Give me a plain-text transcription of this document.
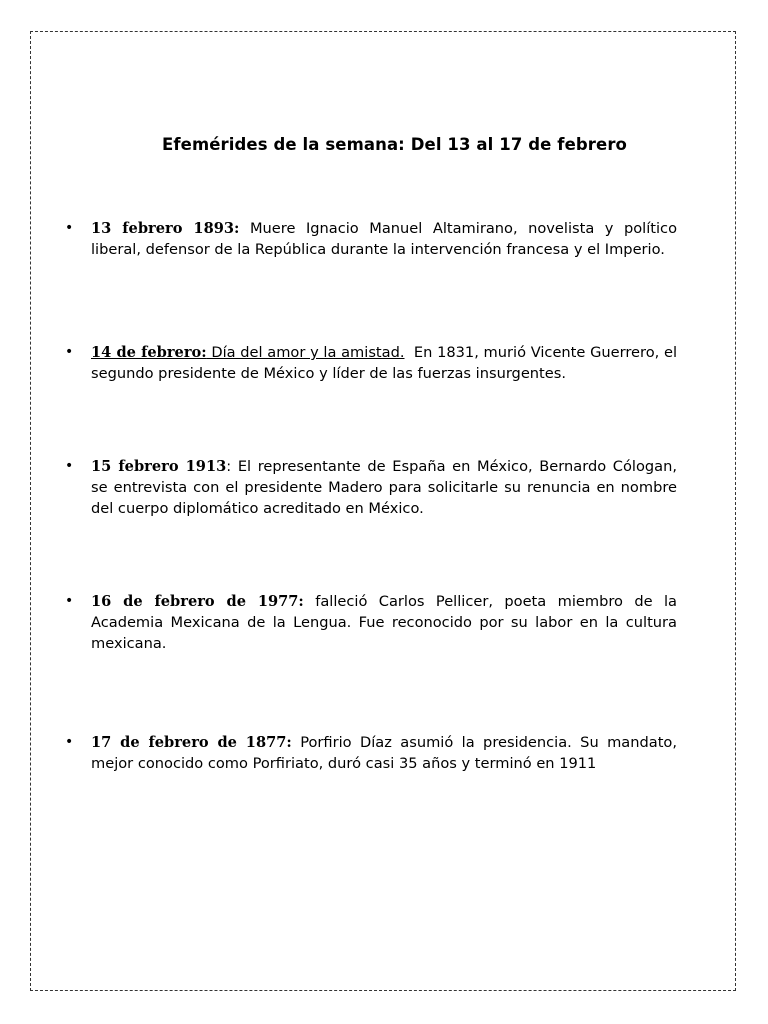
Efemérides de la semana: Del 13 al 17 de febrero
• 13 febrero 1893: Muere Ignacio Manuel Altamirano, novelista y político liberal, defensor de la República durante la intervención francesa y el Imperio.
• 14 de febrero: Día del amor y la amistad.  En 1831, murió Vicente Guerrero, el segundo presidente de México y líder de las fuerzas insurgentes.
• 15 febrero 1913: El representante de España en México, Bernardo Cólogan, se entrevista con el presidente Madero para solicitarle su renuncia en nombre del cuerpo diplomático acreditado en México.
• 16 de febrero de 1977: falleció Carlos Pellicer, poeta miembro de la Academia Mexicana de la Lengua. Fue reconocido por su labor en la cultura mexicana.
• 17 de febrero de 1877: Porfirio Díaz asumió la presidencia. Su mandato, mejor conocido como Porfiriato, duró casi 35 años y terminó en 1911
